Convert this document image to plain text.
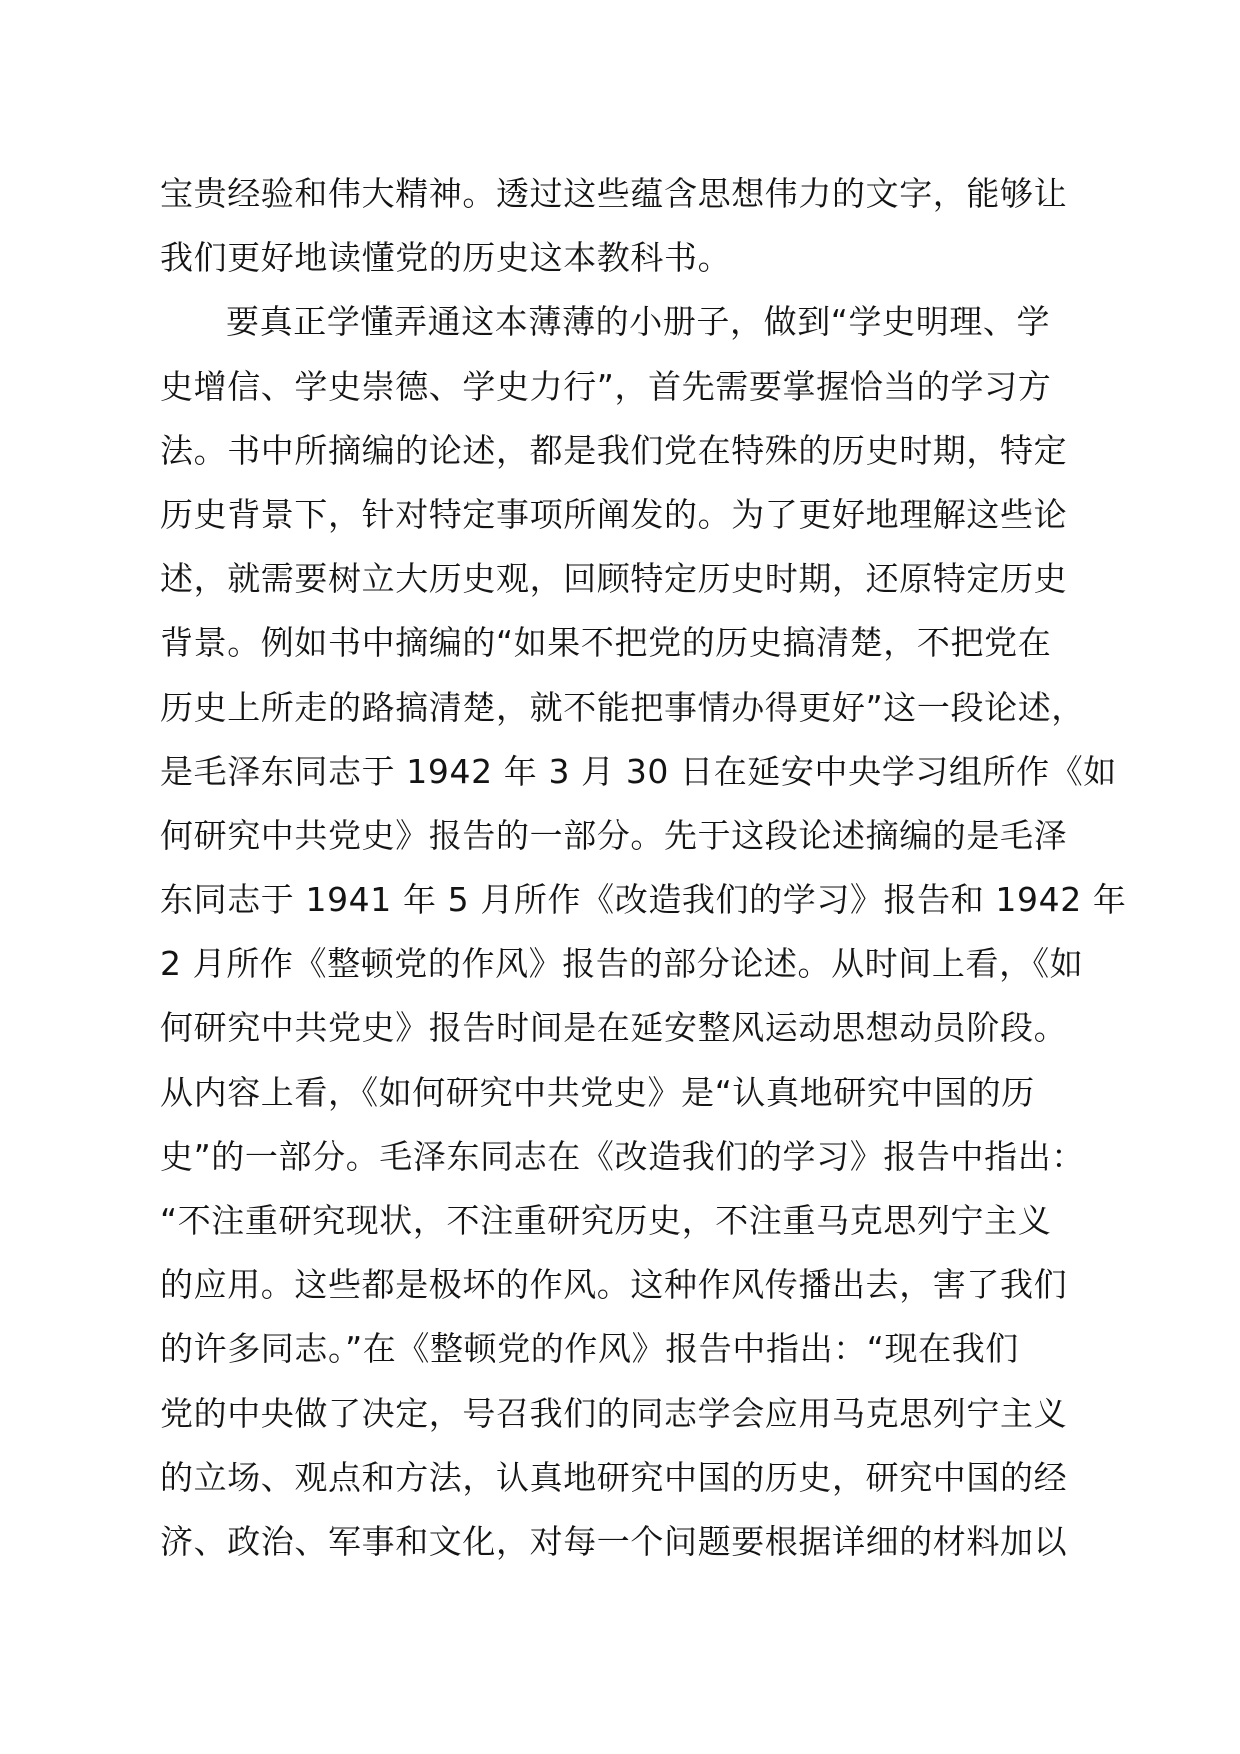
宝贵经验和伟大精神。透过这些蕴含思想伟力的文字，能够让
我们更好地读懂党的历史这本教科书。
要真正学懂弄通这本薄薄的小册子，做到“学史明理、学
史增信、学史崇德、学史力行”，首先需要掌握恰当的学习方
法。书中所摘编的论述，都是我们党在特殊的历史时期，特定
历史背景下，针对特定事项所阐发的。为了更好地理解这些论
述，就需要树立大历史观，回顾特定历史时期，还原特定历史
背景。例如书中摘编的“如果不把党的历史搞清楚，不把党在
历史上所走的路搞清楚，就不能把事情办得更好”这一段论述，
是毛泽东同志于 1942 年 3 月 30 日在延安中央学习组所作《如
何研究中共党史》报告的一部分。先于这段论述摘编的是毛泽
东同志于 1941 年 5 月所作《改造我们的学习》报告和 1942 年
2 月所作《整顿党的作风》报告的部分论述。从时间上看，《如
何研究中共党史》报告时间是在延安整风运动思想动员阶段。
从内容上看，《如何研究中共党史》是“认真地研究中国的历
史”的一部分。毛泽东同志在《改造我们的学习》报告中指出：
“不注重研究现状，不注重研究历史，不注重马克思列宁主义
的应用。这些都是极坏的作风。这种作风传播出去，害了我们
的许多同志。”在《整顿党的作风》报告中指出：“现在我们
党的中央做了决定，号召我们的同志学会应用马克思列宁主义
的立场、观点和方法，认真地研究中国的历史，研究中国的经
济、政治、军事和文化，对每一个问题要根据详细的材料加以
